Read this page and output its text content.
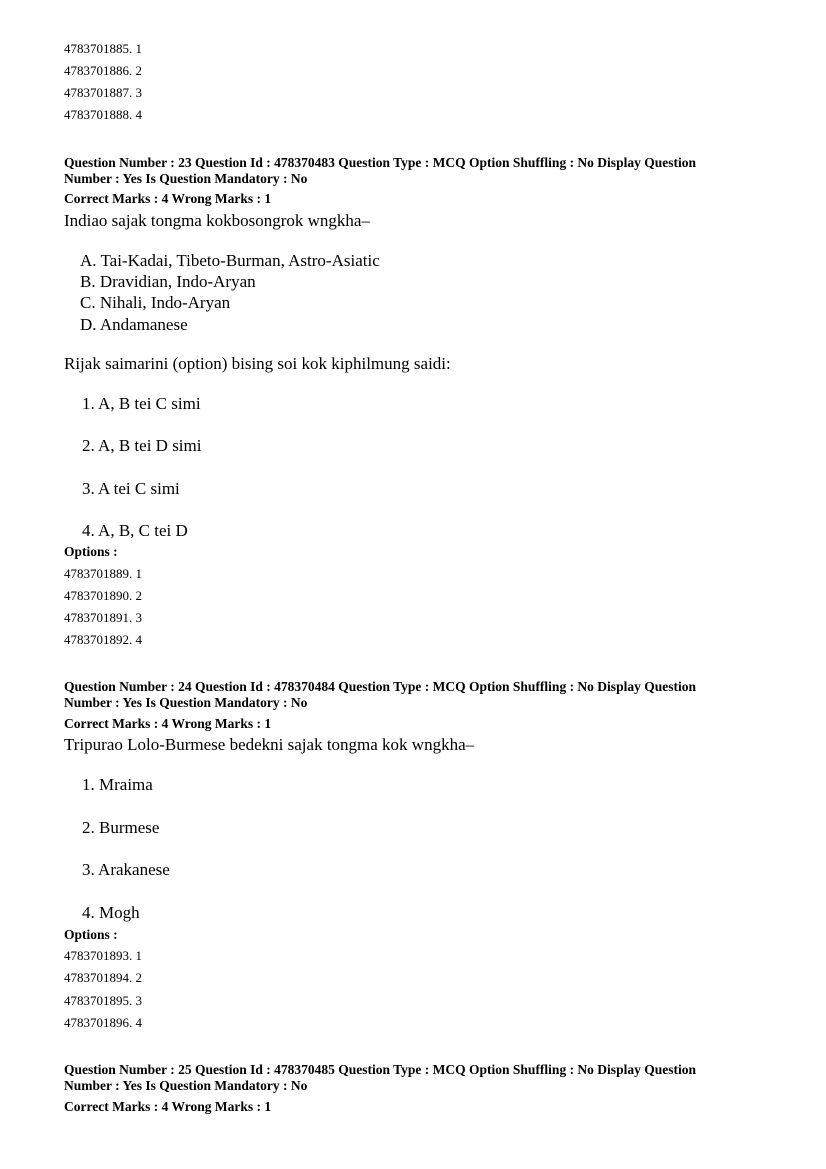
4783701885. 1
4783701886. 2
4783701887. 3
4783701888. 4
Question Number : 23 Question Id : 478370483 Question Type : MCQ Option Shuffling : No Display Question
Number : Yes Is Question Mandatory : No
Correct Marks : 4 Wrong Marks : 1
Indiao sajak tongma kokbosongrok wngkha–
A. Tai-Kadai, Tibeto-Burman, Astro-Asiatic
B. Dravidian, Indo-Aryan
C. Nihali, Indo-Aryan
D. Andamanese
Rijak saimarini (option) bising soi kok kiphilmung saidi:
1. A, B tei C simi
2. A, B tei D simi
3. A tei C simi
4. A, B, C tei D
Options :
4783701889. 1
4783701890. 2
4783701891. 3
4783701892. 4
Question Number : 24 Question Id : 478370484 Question Type : MCQ Option Shuffling : No Display Question
Number : Yes Is Question Mandatory : No
Correct Marks : 4 Wrong Marks : 1
Tripurao Lolo-Burmese bedekni sajak tongma kok wngkha–
1. Mraima
2. Burmese
3. Arakanese
4. Mogh
Options :
4783701893. 1
4783701894. 2
4783701895. 3
4783701896. 4
Question Number : 25 Question Id : 478370485 Question Type : MCQ Option Shuffling : No Display Question
Number : Yes Is Question Mandatory : No
Correct Marks : 4 Wrong Marks : 1
